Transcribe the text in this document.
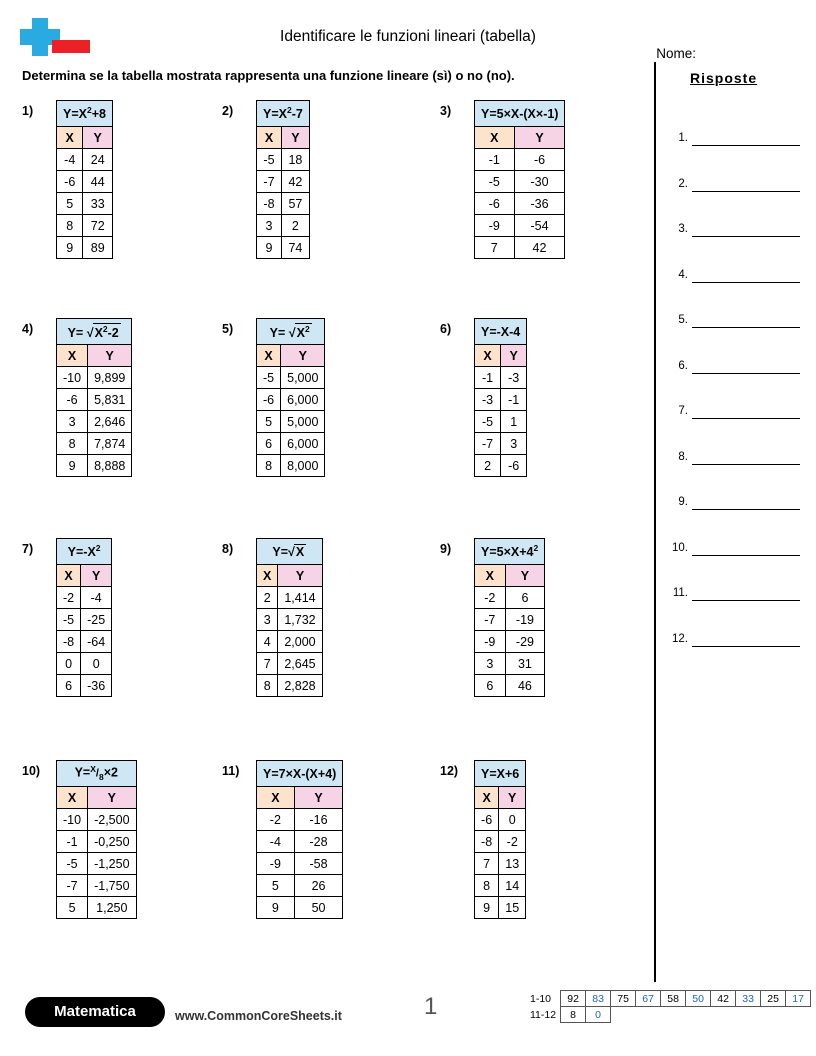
Identificare le funzioni lineari (tabella)
Nome:
Determina se la tabella mostrata rappresenta una funzione lineare (sì) o no (no).	Risposte
1.
2.
3.
4.
5.
6.
7.
8.
9.
10.
11.
12.
1) $Y=X^2+8$	
X	Y
-4	24
-6	44
5	33
8	72
9	89
2) $Y=X^2-7$	
X	Y
-5	18
-7	42
-8	57
3	2
9	74
3) Y=5×X-(X×-1)	
X	Y
-1	-6
-5	-30
-6	-36
-9	-54
7	42
4)	$Y= √X^2-2$	
X	Y
-10	9,899
-6	5,831
3	2,646
8	7,874
9	8,888
5)	$Y= √X^2$
X	Y
-5	5,000
-6	6,000
5	5,000
6	6,000
8	8,000
6) Y=-X-4	
X	Y
-1	-3
-3	-1
-5	1
-7	3
2	-6
7)	$Y=-X^2$
X	Y
-2	-4
-5	-25
-8	-64
0	0
6	-36
8)	Y=√X	
X	Y
2	1,414
3	1,732
4	2,000
7	2,645
8	2,828
9) $Y=5\times X+4^2$
X	Y
-2	6
-7	-19
-9	-29
3	31
6	46
10)	$Y=^X/_8\times 2$	
X	Y
-10	-2,500
-1	-0,250
-5	-1,250
-7	-1,750
5	1,250
11) Y=7×X-(X+4)	
X	Y
-2	-16
-4	-28
-9	-58
5	26
9	50
12) Y=X+6	
X	Y
-6	0
-8	-2
7	13
8	14
9	15
Matematica	www.CommonCoreSheets.it	1	1-10	92	83	75	67	58	50	42	33	25	17
11-12	8	0								
